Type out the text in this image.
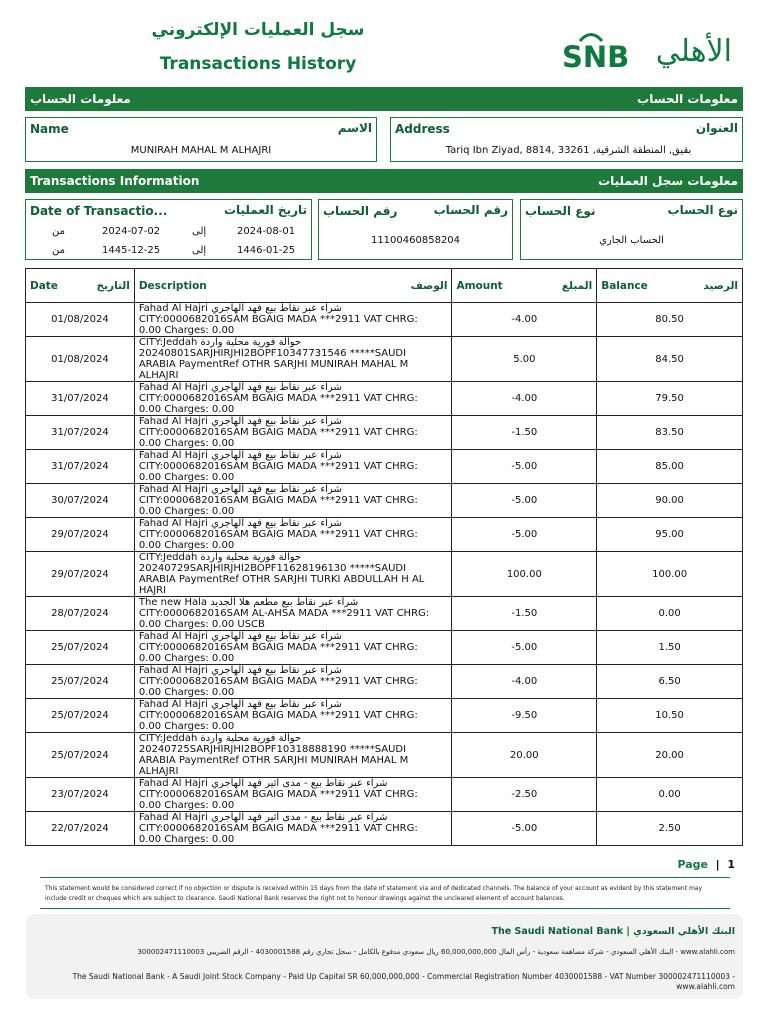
سجل العمليات الإلكتروني
Transactions History	SNB الأهلي
معلومات الحساب	معلومات الحساب
Name	الاسم
MUNIRAH MAHAL M ALHAJRI
Address	العنوان
Tariq Ibn Ziyad, 8814, 33261 ,بقيق, المنطقة الشرقية
Transactions Information	معلومات سجل العمليات
Date of Transactio...	تاريخ العمليات
من	2024-07-02	إلى	2024-08-01
من	1445-12-25	إلى	1446-01-25
رقم الحساب	رقم الحساب
11100460858204
نوع الحساب	نوع الحساب
الحساب الجاري
Date التاريخ	Description الوصف	Amount المبلغ	Balance الرصيد

01/08/2024	Fahad Al Hajri شراء عبر نقاط بيع فهد الهاجري
CITY:0000682016SAM BGAIG MADA ***2911 VAT CHRG:
0.00 Charges: 0.00	-4.00	80.50
01/08/2024	CITY:Jeddah حوالة فورية محلية واردة
20240801SARJHIRJHI2BOPF10347731546 *****SAUDI
ARABIA PaymentRef OTHR SARJHI MUNIRAH MAHAL M
ALHAJRI	5.00	84.50
31/07/2024	Fahad Al Hajri شراء عبر نقاط بيع فهد الهاجري
CITY:0000682016SAM BGAIG MADA ***2911 VAT CHRG:
0.00 Charges: 0.00	-4.00	79.50
31/07/2024	Fahad Al Hajri شراء عبر نقاط بيع فهد الهاجري
CITY:0000682016SAM BGAIG MADA ***2911 VAT CHRG:
0.00 Charges: 0.00	-1.50	83.50
31/07/2024	Fahad Al Hajri شراء عبر نقاط بيع فهد الهاجري
CITY:0000682016SAM BGAIG MADA ***2911 VAT CHRG:
0.00 Charges: 0.00	-5.00	85.00
30/07/2024	Fahad Al Hajri شراء عبر نقاط بيع فهد الهاجري
CITY:0000682016SAM BGAIG MADA ***2911 VAT CHRG:
0.00 Charges: 0.00	-5.00	90.00
29/07/2024	Fahad Al Hajri شراء عبر نقاط بيع فهد الهاجري
CITY:0000682016SAM BGAIG MADA ***2911 VAT CHRG:
0.00 Charges: 0.00	-5.00	95.00
29/07/2024	CITY:Jeddah حوالة فورية محلية واردة
20240729SARJHIRJHI2BOPF11628196130 *****SAUDI
ARABIA PaymentRef OTHR SARJHI TURKI ABDULLAH H AL
HAJRI	100.00	100.00
28/07/2024	The new Hala شراء عبر نقاط بيع مطعم هلا الجديد
CITY:0000682016SAM AL-AHSA MADA ***2911 VAT CHRG:
0.00 Charges: 0.00 USCB	-1.50	0.00
25/07/2024	Fahad Al Hajri شراء عبر نقاط بيع فهد الهاجري
CITY:0000682016SAM BGAIG MADA ***2911 VAT CHRG:
0.00 Charges: 0.00	-5.00	1.50
25/07/2024	Fahad Al Hajri شراء عبر نقاط بيع فهد الهاجري
CITY:0000682016SAM BGAIG MADA ***2911 VAT CHRG:
0.00 Charges: 0.00	-4.00	6.50
25/07/2024	Fahad Al Hajri شراء عبر نقاط بيع فهد الهاجري
CITY:0000682016SAM BGAIG MADA ***2911 VAT CHRG:
0.00 Charges: 0.00	-9.50	10.50
25/07/2024	CITY:Jeddah حوالة فورية محلية واردة
20240725SARJHIRJHI2BOPF10318888190 *****SAUDI
ARABIA PaymentRef OTHR SARJHI MUNIRAH MAHAL M
ALHAJRI	20.00	20.00
23/07/2024	Fahad Al Hajri شراء عبر نقاط بيع - مدى أثير فهد الهاجري
CITY:0000682016SAM BGAIG MADA ***2911 VAT CHRG:
0.00 Charges: 0.00	-2.50	0.00
22/07/2024	Fahad Al Hajri شراء عبر نقاط بيع - مدى أثير فهد الهاجري
CITY:0000682016SAM BGAIG MADA ***2911 VAT CHRG:
0.00 Charges: 0.00	-5.00	2.50
Page  |  1
This statement would be considered correct if no objection or dispute is received within 15 days from the date of statement via and of dedicated channels. The balance of your account as evident by this statement may include credit or cheques which are subject to clearance. Saudi National Bank reserves the right not to honour drawings against the uncleared element of account balances.
The Saudi National Bank | البنك الأهلي السعودي
البنك الأهلي السعودي - شركة مساهمة سعودية - رأس المال 60,000,000,000 ريال سعودي مدفوع بالكامل - سجل تجاري رقم 4030001588 - الرقم الضريبي 300002471110003 - www.alahli.com
The Saudi National Bank - A Saudi Joint Stock Company - Paid Up Capital SR 60,000,000,000 - Commercial Registration Number 4030001588 - VAT Number 300002471110003 - www.alahli.com
